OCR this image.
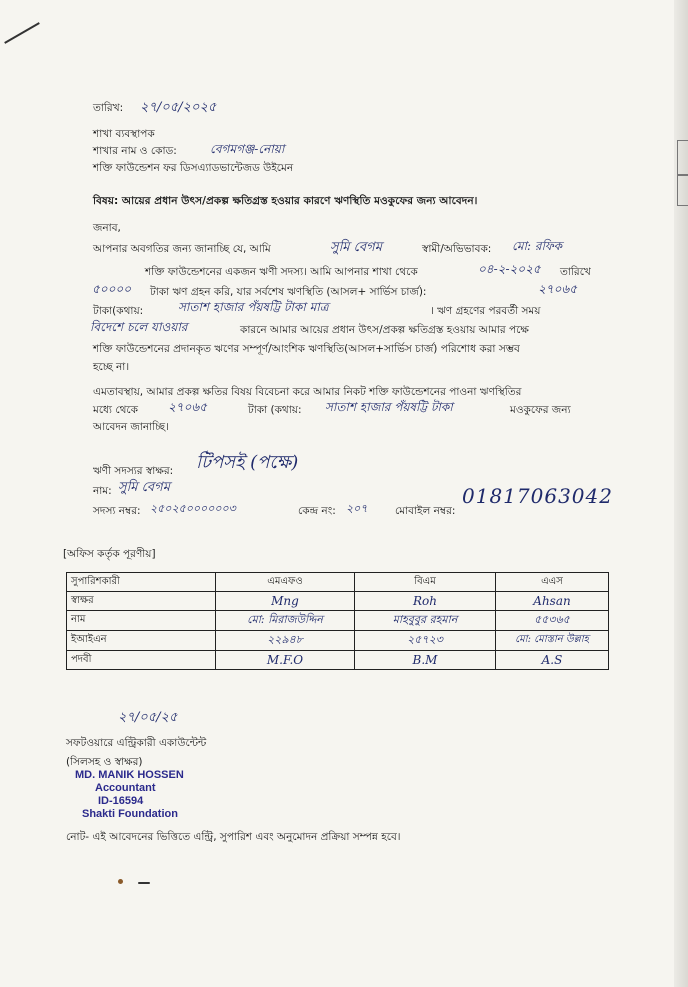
তারিখ: ২৭/০৫/২০২৫
শাখা ব্যবস্থাপক
শাখার নাম ও কোড:	বেগমগঞ্জ-নোয়া
শক্তি ফাউন্ডেশন ফর ডিসএ্যাডভান্টেজড উইমেন
বিষয়: আয়ের প্রধান উৎস/প্রকল্প ক্ষতিগ্রস্ত হওয়ার কারণে ঋণস্থিতি মওকুফের জন্য আবেদন।
জনাব,
আপনার অবগতির জন্য জানাচ্ছি যে, আমি	সুমি বেগম	স্বামী/অভিভাবক: মো: রফিক
শক্তি ফাউন্ডেশনের একজন ঋণী সদস্য। আমি আপনার শাখা থেকে	০৪-২-২০২৫ তারিখে
৫০০০০ টাকা ঋণ গ্রহন করি, যার সর্বশেষ ঋণস্থিতি (আসল+ সার্ভিস চার্জ):	২৭০৬৫
টাকা(কথায়:	সাতাশ হাজার পঁয়ষট্টি টাকা মাত্র	। ঋণ গ্রহণের পরবর্তী সময়
বিদেশে চলে যাওয়ার	কারনে আমার আয়ের প্রধান উৎস/প্রকল্প ক্ষতিগ্রস্ত হওয়ায় আমার পক্ষে
শক্তি ফাউন্ডেশনের প্রদানকৃত ঋণের সম্পূর্ণ/আংশিক ঋণস্থিতি(আসল+সার্ভিস চার্জ) পরিশোধ করা সম্ভব
হচ্ছে না।
এমতাবস্থায়, আমার প্রকল্প ক্ষতির বিষয় বিবেচনা করে আমার নিকট শক্তি ফাউন্ডেশনের পাওনা ঋণস্থিতির
মধ্যে থেকে	২৭০৬৫	টাকা (কথায়: সাতাশ হাজার পঁয়ষট্টি টাকা	মওকুফের জন্য
আবেদন জানাচ্ছি।
ঋণী সদস্যর স্বাক্ষর: টিপসই (পক্ষে)
নাম: সুমি বেগম
সদস্য নম্বর: ২৫০২৫০০০০০০৩	কেন্দ্র নং: ২০৭	মোবাইল নম্বর:
01817063042
[অফিস কর্তৃক পূরণীয়]
সুপারিশকারী	এমএফও	বিএম	এএস
স্বাক্ষর	Mng	Roh	Ahsan
নাম	মো: মিরাজউদ্দিন	মাহবুবুর রহমান	৫৫৩৬৫
ইআইএন	২২৯৪৮	২৫৭২৩	মো: মোস্তান উল্লাহ
পদবী	M.F.O	B.M	A.S
২৭/০৫/২৫
সফটওয়ারে এন্ট্রিকারী একাউন্টেন্ট
(সিলসহ ও স্বাক্ষর)
MD. MANIK HOSSEN
Accountant
ID-16594
Shakti Foundation
নোট- এই আবেদনের ভিত্তিতে এন্ট্রি, সুপারিশ এবং অনুমোদন প্রক্রিয়া সম্পন্ন হবে।
